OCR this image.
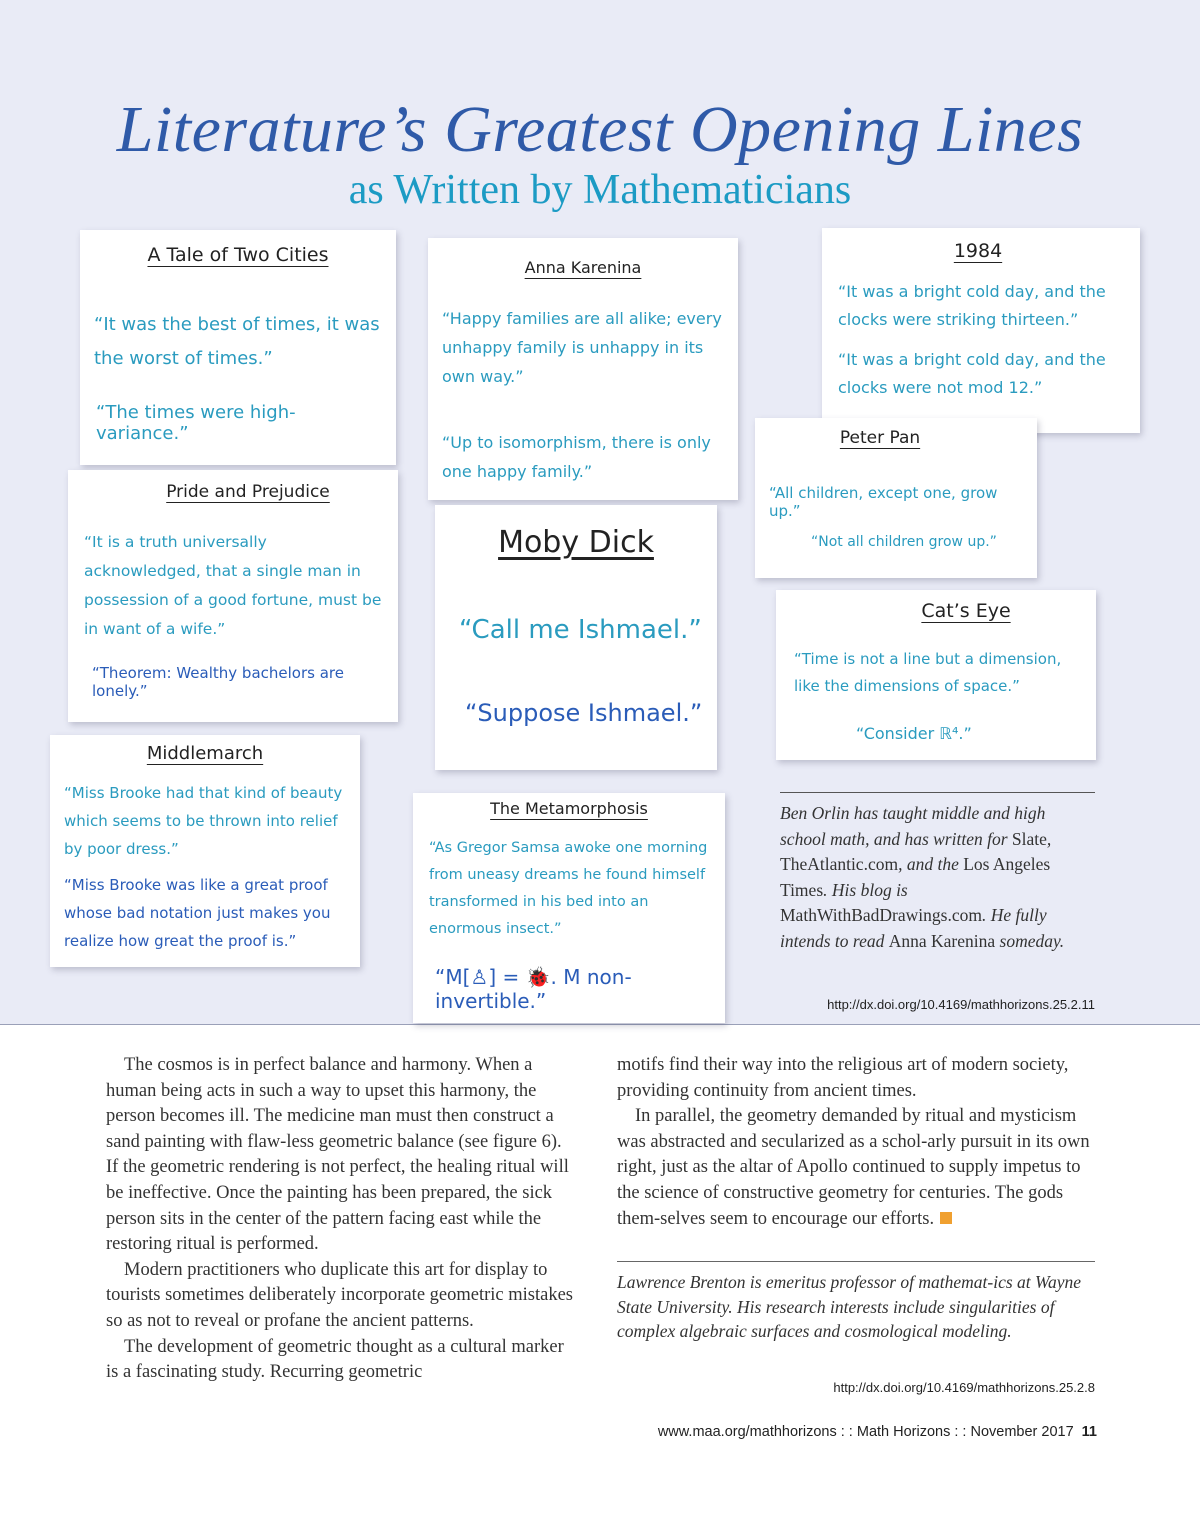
Literature’s Greatest Opening Lines
as Written by Mathematicians
A Tale of Two Cities

“It was the best of times, it was the worst of times.”

“The times were high-variance.”

Anna Karenina

“Happy families are all alike; every unhappy family is unhappy in its own way.”

“Up to isomorphism, there is only one happy family.”

1984

“It was a bright cold day, and the clocks were striking thirteen.”

“It was a bright cold day, and the clocks were not mod 12.”

Peter Pan

“All children, except one, grow up.”

“Not all children grow up.”

Pride and Prejudice

“It is a truth universally acknowledged, that a single man in possession of a good fortune, must be in want of a wife.”

“Theorem: Wealthy bachelors are lonely.”

Moby Dick

“Call me Ishmael.”

“Suppose Ishmael.”

Cat’s Eye

“Time is not a line but a dimension, like the dimensions of space.”

“Consider ℝ⁴.”

Middlemarch

“Miss Brooke had that kind of beauty which seems to be thrown into relief by poor dress.”

“Miss Brooke was like a great proof whose bad notation just makes you realize how great the proof is.”

The Metamorphosis

“As Gregor Samsa awoke one morning from uneasy dreams he found himself transformed in his bed into an enormous insect.”

“M[♙] = 🐞. M non-invertible.”

Ben Orlin has taught middle and high school math, and has written for Slate, TheAtlantic.com, and the Los Angeles Times. His blog is MathWithBadDrawings.com. He fully intends to read Anna Karenina someday.
http://dx.doi.org/10.4169/mathhorizons.25.2.11

The cosmos is in perfect balance and harmony. When a human being acts in such a way to upset this harmony, the person becomes ill. The medicine man must then construct a sand painting with flaw-less geometric balance (see figure 6). If the geometric rendering is not perfect, the healing ritual will be ineffective. Once the painting has been prepared, the sick person sits in the center of the pattern facing east while the restoring ritual is performed.

Modern practitioners who duplicate this art for display to tourists sometimes deliberately incorporate geometric mistakes so as not to reveal or profane the ancient patterns.

The development of geometric thought as a cultural marker is a fascinating study. Recurring geometric

motifs find their way into the religious art of modern society, providing continuity from ancient times.

In parallel, the geometry demanded by ritual and mysticism was abstracted and secularized as a schol-arly pursuit in its own right, just as the altar of Apollo continued to supply impetus to the science of constructive geometry for centuries. The gods them-selves seem to encourage our efforts.

Lawrence Brenton is emeritus professor of mathemat-ics at Wayne State University. His research interests include singularities of complex algebraic surfaces and cosmological modeling.
http://dx.doi.org/10.4169/mathhorizons.25.2.8
www.maa.org/mathhorizons : : Math Horizons : : November 2017 11
